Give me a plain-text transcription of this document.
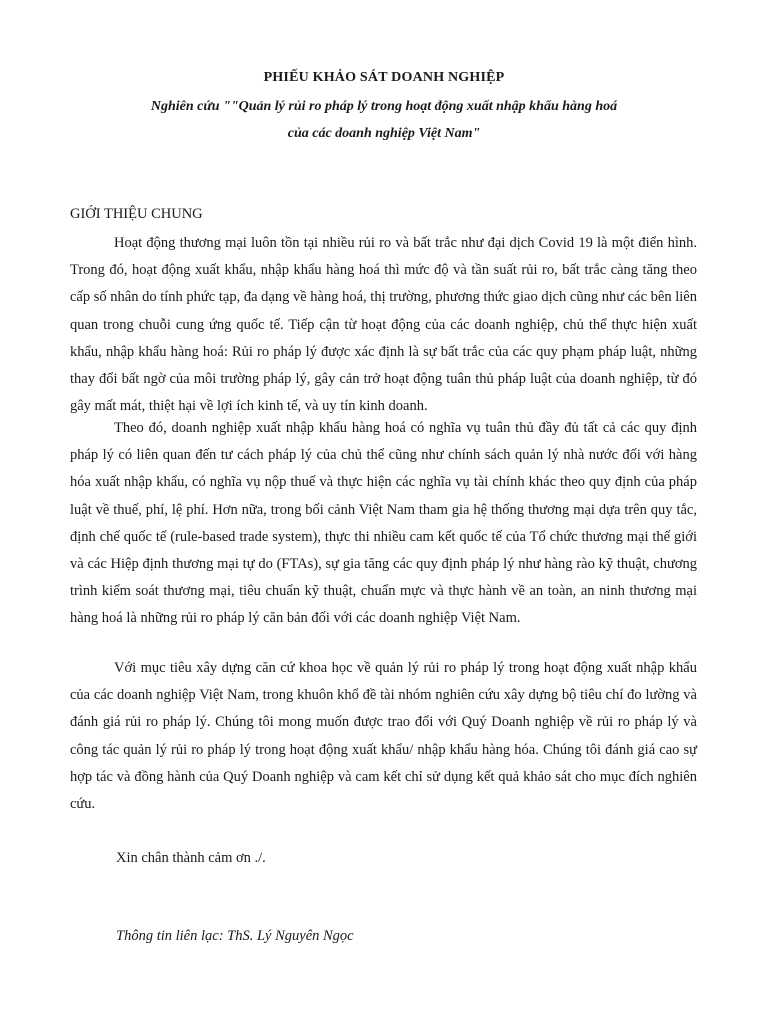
PHIẾU KHẢO SÁT DOANH NGHIỆP

Nghiên cứu ""Quản lý rủi ro pháp lý trong hoạt động xuất nhập khẩu hàng hoá

của các doanh nghiệp Việt Nam"

GIỚI THIỆU CHUNG

Hoạt động thương mại luôn tồn tại nhiều rủi ro và bất trắc như đại dịch Covid 19 là một điển hình. Trong đó, hoạt động xuất khẩu, nhập khẩu hàng hoá thì mức độ và tần suất rủi ro, bất trắc càng tăng theo cấp số nhân do tính phức tạp, đa dạng về hàng hoá, thị trường, phương thức giao dịch cũng như các bên liên quan trong chuỗi cung ứng quốc tế. Tiếp cận từ hoạt động của các doanh nghiệp, chủ thể thực hiện xuất khẩu, nhập khẩu hàng hoá: Rủi ro pháp lý được xác định là sự bất trắc của các quy phạm pháp luật, những thay đổi bất ngờ của môi trường pháp lý, gây cản trở hoạt động tuân thủ pháp luật của doanh nghiệp, từ đó gây mất mát, thiệt hại về lợi ích kinh tế, và uy tín kinh doanh.

Theo đó, doanh nghiệp xuất nhập khẩu hàng hoá có nghĩa vụ tuân thủ đầy đủ tất cả các quy định pháp lý có liên quan đến tư cách pháp lý của chủ thể cũng như chính sách quản lý nhà nước đối với hàng hóa xuất nhập khẩu, có nghĩa vụ nộp thuế và thực hiện các nghĩa vụ tài chính khác theo quy định của pháp luật về thuế, phí, lệ phí. Hơn nữa, trong bối cảnh Việt Nam tham gia hệ thống thương mại dựa trên quy tắc, định chế quốc tế (rule-based trade system), thực thi nhiều cam kết quốc tế của Tổ chức thương mại thế giới và các Hiệp định thương mại tự do (FTAs), sự gia tăng các quy định pháp lý như hàng rào kỹ thuật, chương trình kiểm soát thương mại, tiêu chuẩn kỹ thuật, chuẩn mực và thực hành về an toàn, an ninh thương mại hàng hoá là những rủi ro pháp lý căn bản đối với các doanh nghiệp Việt Nam.

Với mục tiêu xây dựng căn cứ khoa học về quản lý rủi ro pháp lý trong hoạt động xuất nhập khẩu của các doanh nghiệp Việt Nam, trong khuôn khổ đề tài nhóm nghiên cứu xây dựng bộ tiêu chí đo lường và đánh giá rủi ro pháp lý. Chúng tôi mong muốn được trao đổi với Quý Doanh nghiệp về rủi ro pháp lý và công tác quản lý rủi ro pháp lý trong hoạt động xuất khẩu/ nhập khẩu hàng hóa. Chúng tôi đánh giá cao sự hợp tác và đồng hành của Quý Doanh nghiệp và cam kết chỉ sử dụng kết quả khảo sát cho mục đích nghiên cứu.

Xin chân thành cảm ơn ./.

Thông tin liên lạc: ThS. Lý Nguyên Ngọc
